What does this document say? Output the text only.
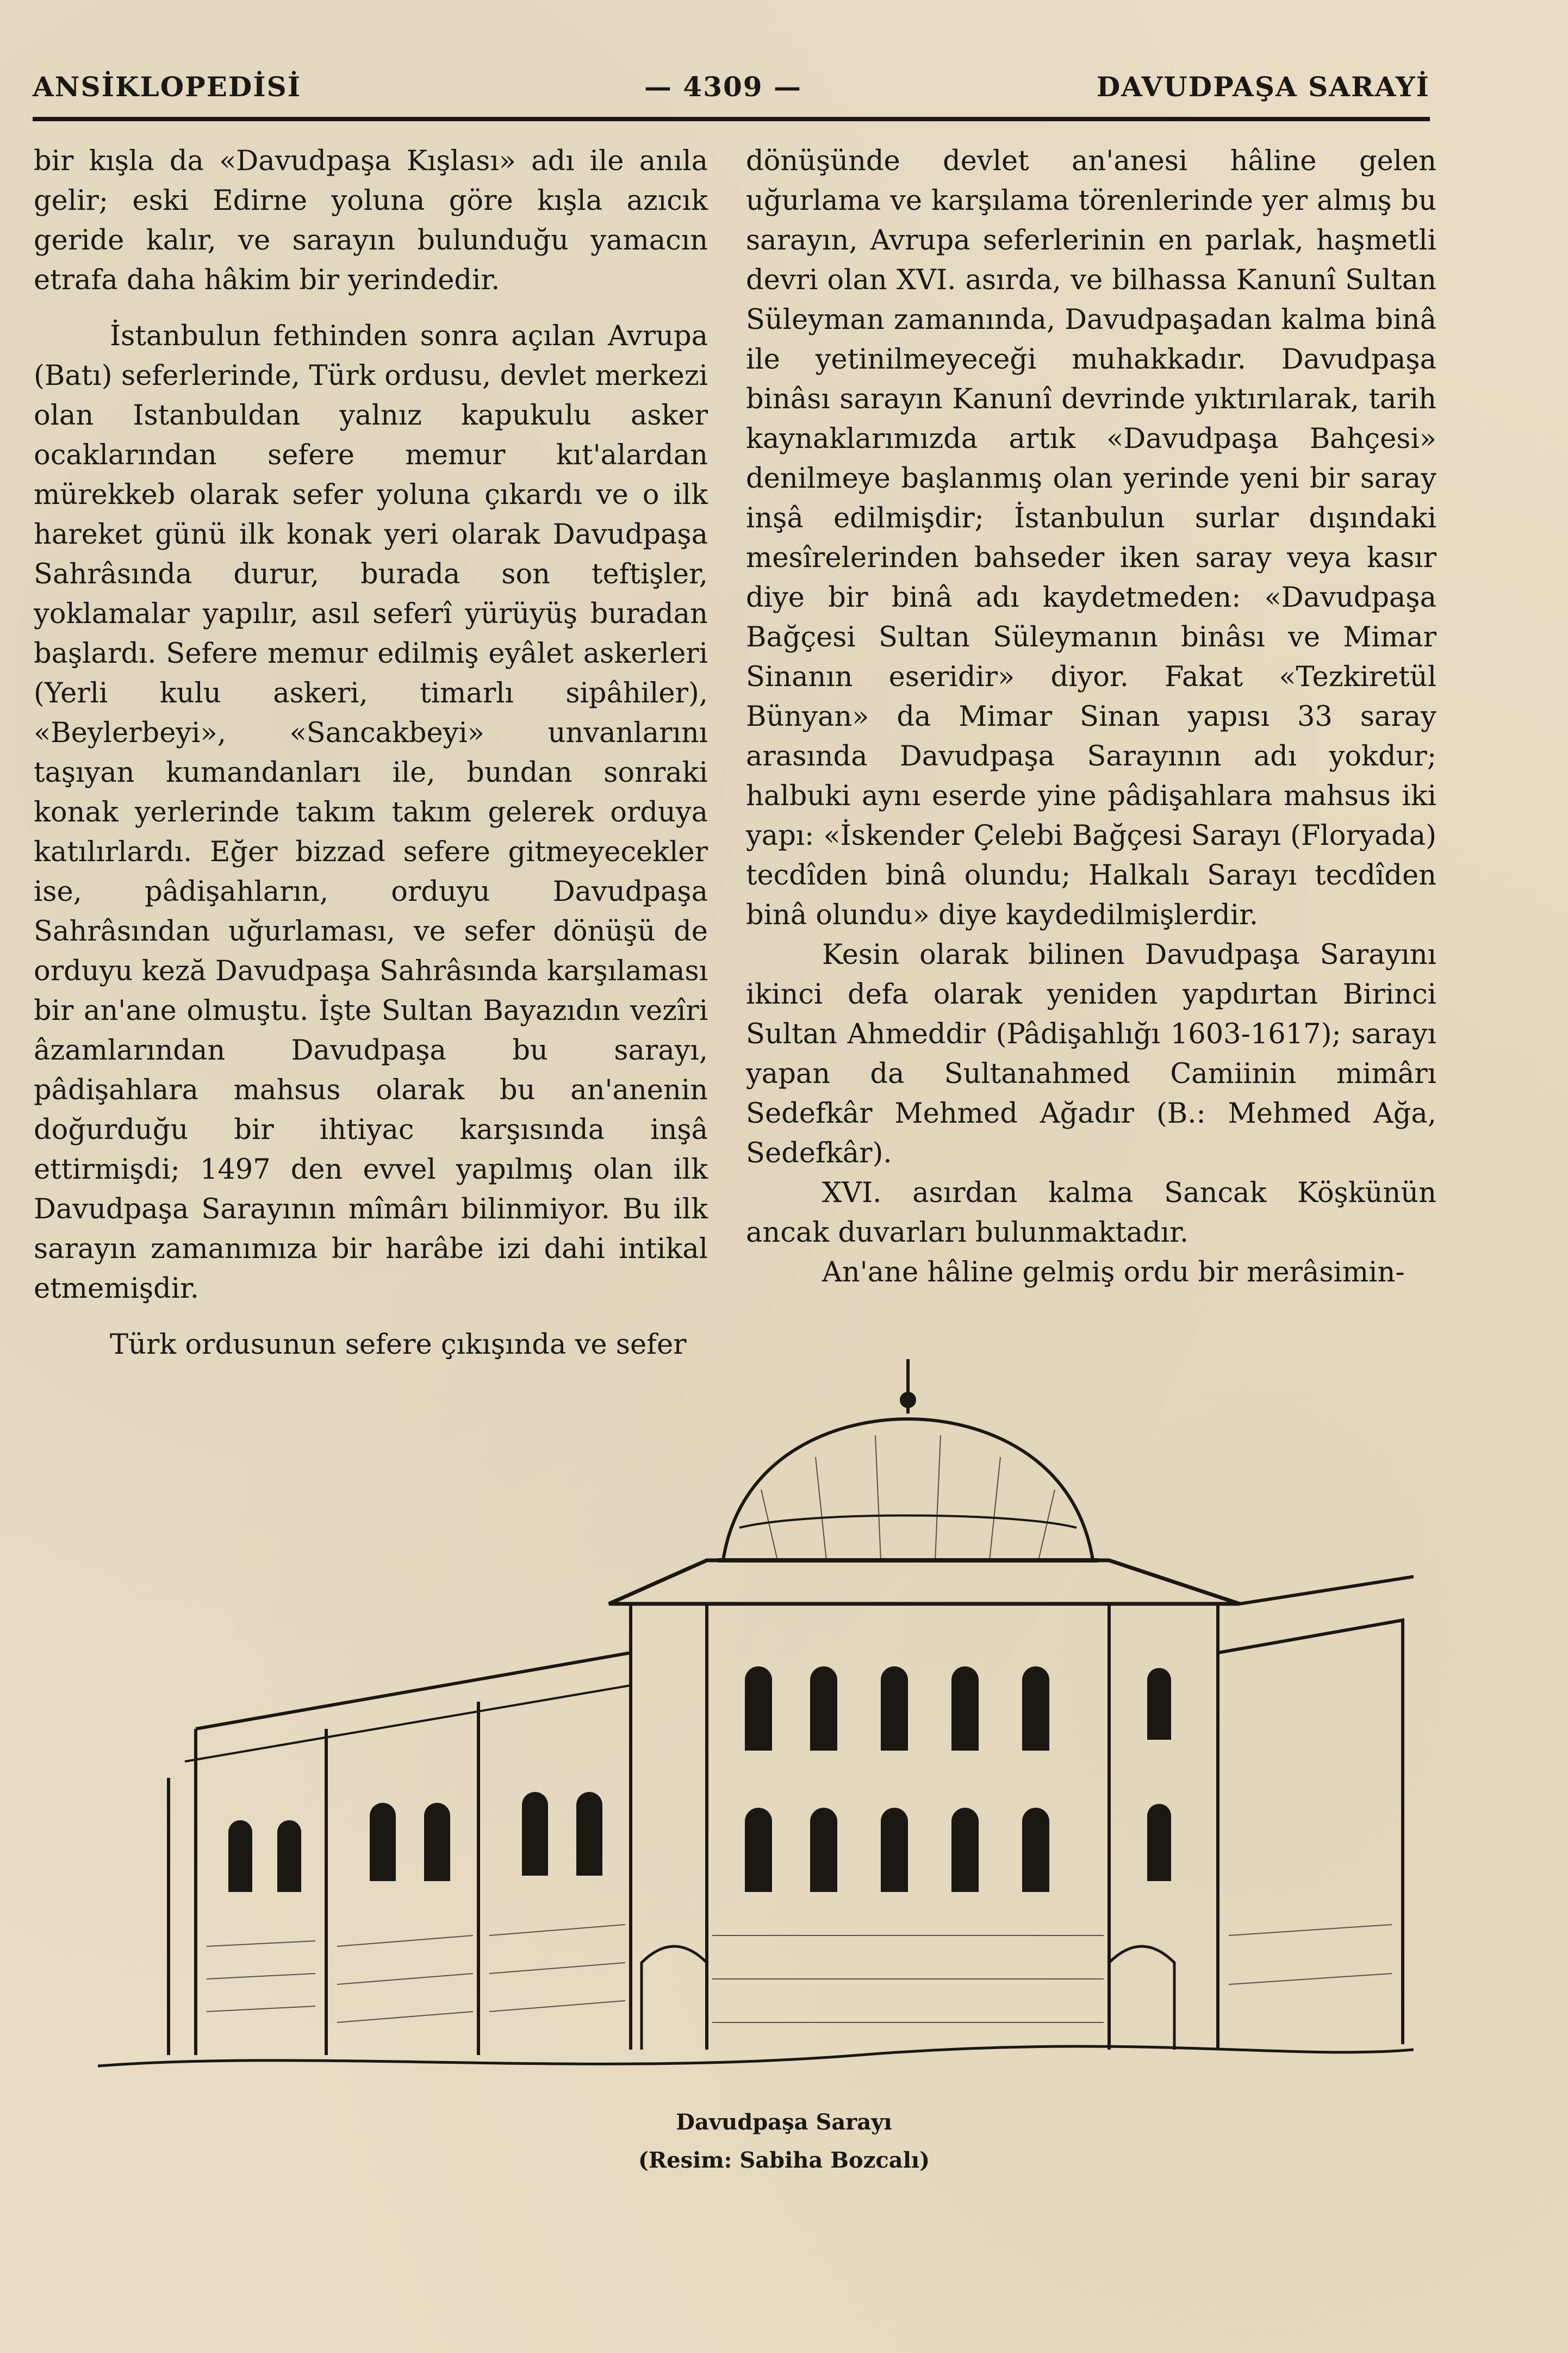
ANSİKLOPEDİSİ	— 4309 —	DAVUDPAŞA SARAYİ

bir kışla da «Davudpaşa Kışlası» adı ile anıla gelir; eski Edirne yoluna göre kışla azıcık geride kalır, ve sarayın bulunduğu yamacın etrafa daha hâkim bir yerindedir.

İstanbulun fethinden sonra açılan Avrupa (Batı) seferlerinde, Türk ordusu, devlet merkezi olan Istanbuldan yalnız kapukulu asker ocaklarından sefere memur kıt'alardan mürekkeb olarak sefer yoluna çıkardı ve o ilk hareket günü ilk konak yeri olarak Davudpaşa Sahrâsında durur, burada son teftişler, yoklamalar yapılır, asıl seferî yürüyüş buradan başlardı. Sefere memur edilmiş eyâlet askerleri (Yerli kulu askeri, timarlı sipâhiler), «Beylerbeyi», «Sancakbeyi» unvanlarını taşıyan kumandanları ile, bundan sonraki konak yerlerinde takım takım gelerek orduya katılırlardı. Eğer bizzad sefere gitmeyecekler ise, pâdişahların, orduyu Davudpaşa Sahrâsından uğurlaması, ve sefer dönüşü de orduyu keză Davudpaşa Sahrâsında karşılaması bir an'ane olmuştu. İşte Sultan Bayazıdın vezîri âzamlarından Davudpaşa bu sarayı, pâdişahlara mahsus olarak bu an'anenin doğurduğu bir ihtiyac karşısında inşâ ettirmişdi; 1497 den evvel yapılmış olan ilk Davudpaşa Sarayının mîmârı bilinmiyor. Bu ilk sarayın zamanımıza bir harâbe izi dahi intikal etmemişdir.

Türk ordusunun sefere çıkışında ve sefer

dönüşünde devlet an'anesi hâline gelen uğurlama ve karşılama törenlerinde yer almış bu sarayın, Avrupa seferlerinin en parlak, haşmetli devri olan XVI. asırda, ve bilhassa Kanunî Sultan Süleyman zamanında, Davudpaşadan kalma binâ ile yetinilmeyeceği muhakkadır. Davudpaşa binâsı sarayın Kanunî devrinde yıktırılarak, tarih kaynaklarımızda artık «Davudpaşa Bahçesi» denilmeye başlanmış olan yerinde yeni bir saray inşâ edilmişdir; İstanbulun surlar dışındaki mesîrelerinden bahseder iken saray veya kasır diye bir binâ adı kaydetmeden: «Davudpaşa Bağçesi Sultan Süleymanın binâsı ve Mimar Sinanın eseridir» diyor. Fakat «Tezkiretül Bünyan» da Mimar Sinan yapısı 33 saray arasında Davudpaşa Sarayının adı yokdur; halbuki aynı eserde yine pâdişahlara mahsus iki yapı: «İskender Çelebi Bağçesi Sarayı (Floryada) tecdîden binâ olundu; Halkalı Sarayı tecdîden binâ olundu» diye kaydedilmişlerdir.

Kesin olarak bilinen Davudpaşa Sarayını ikinci defa olarak yeniden yapdırtan Birinci Sultan Ahmeddir (Pâdişahlığı 1603-1617); sarayı yapan da Sultanahmed Camiinin mimârı Sedefkâr Mehmed Ağadır (B.: Mehmed Ağa, Sedefkâr).

XVI. asırdan kalma Sancak Köşkünün ancak duvarları bulunmaktadır.

An'ane hâline gelmiş ordu bir merâsimin-

Davudpaşa Sarayı
(Resim: Sabiha Bozcalı)
